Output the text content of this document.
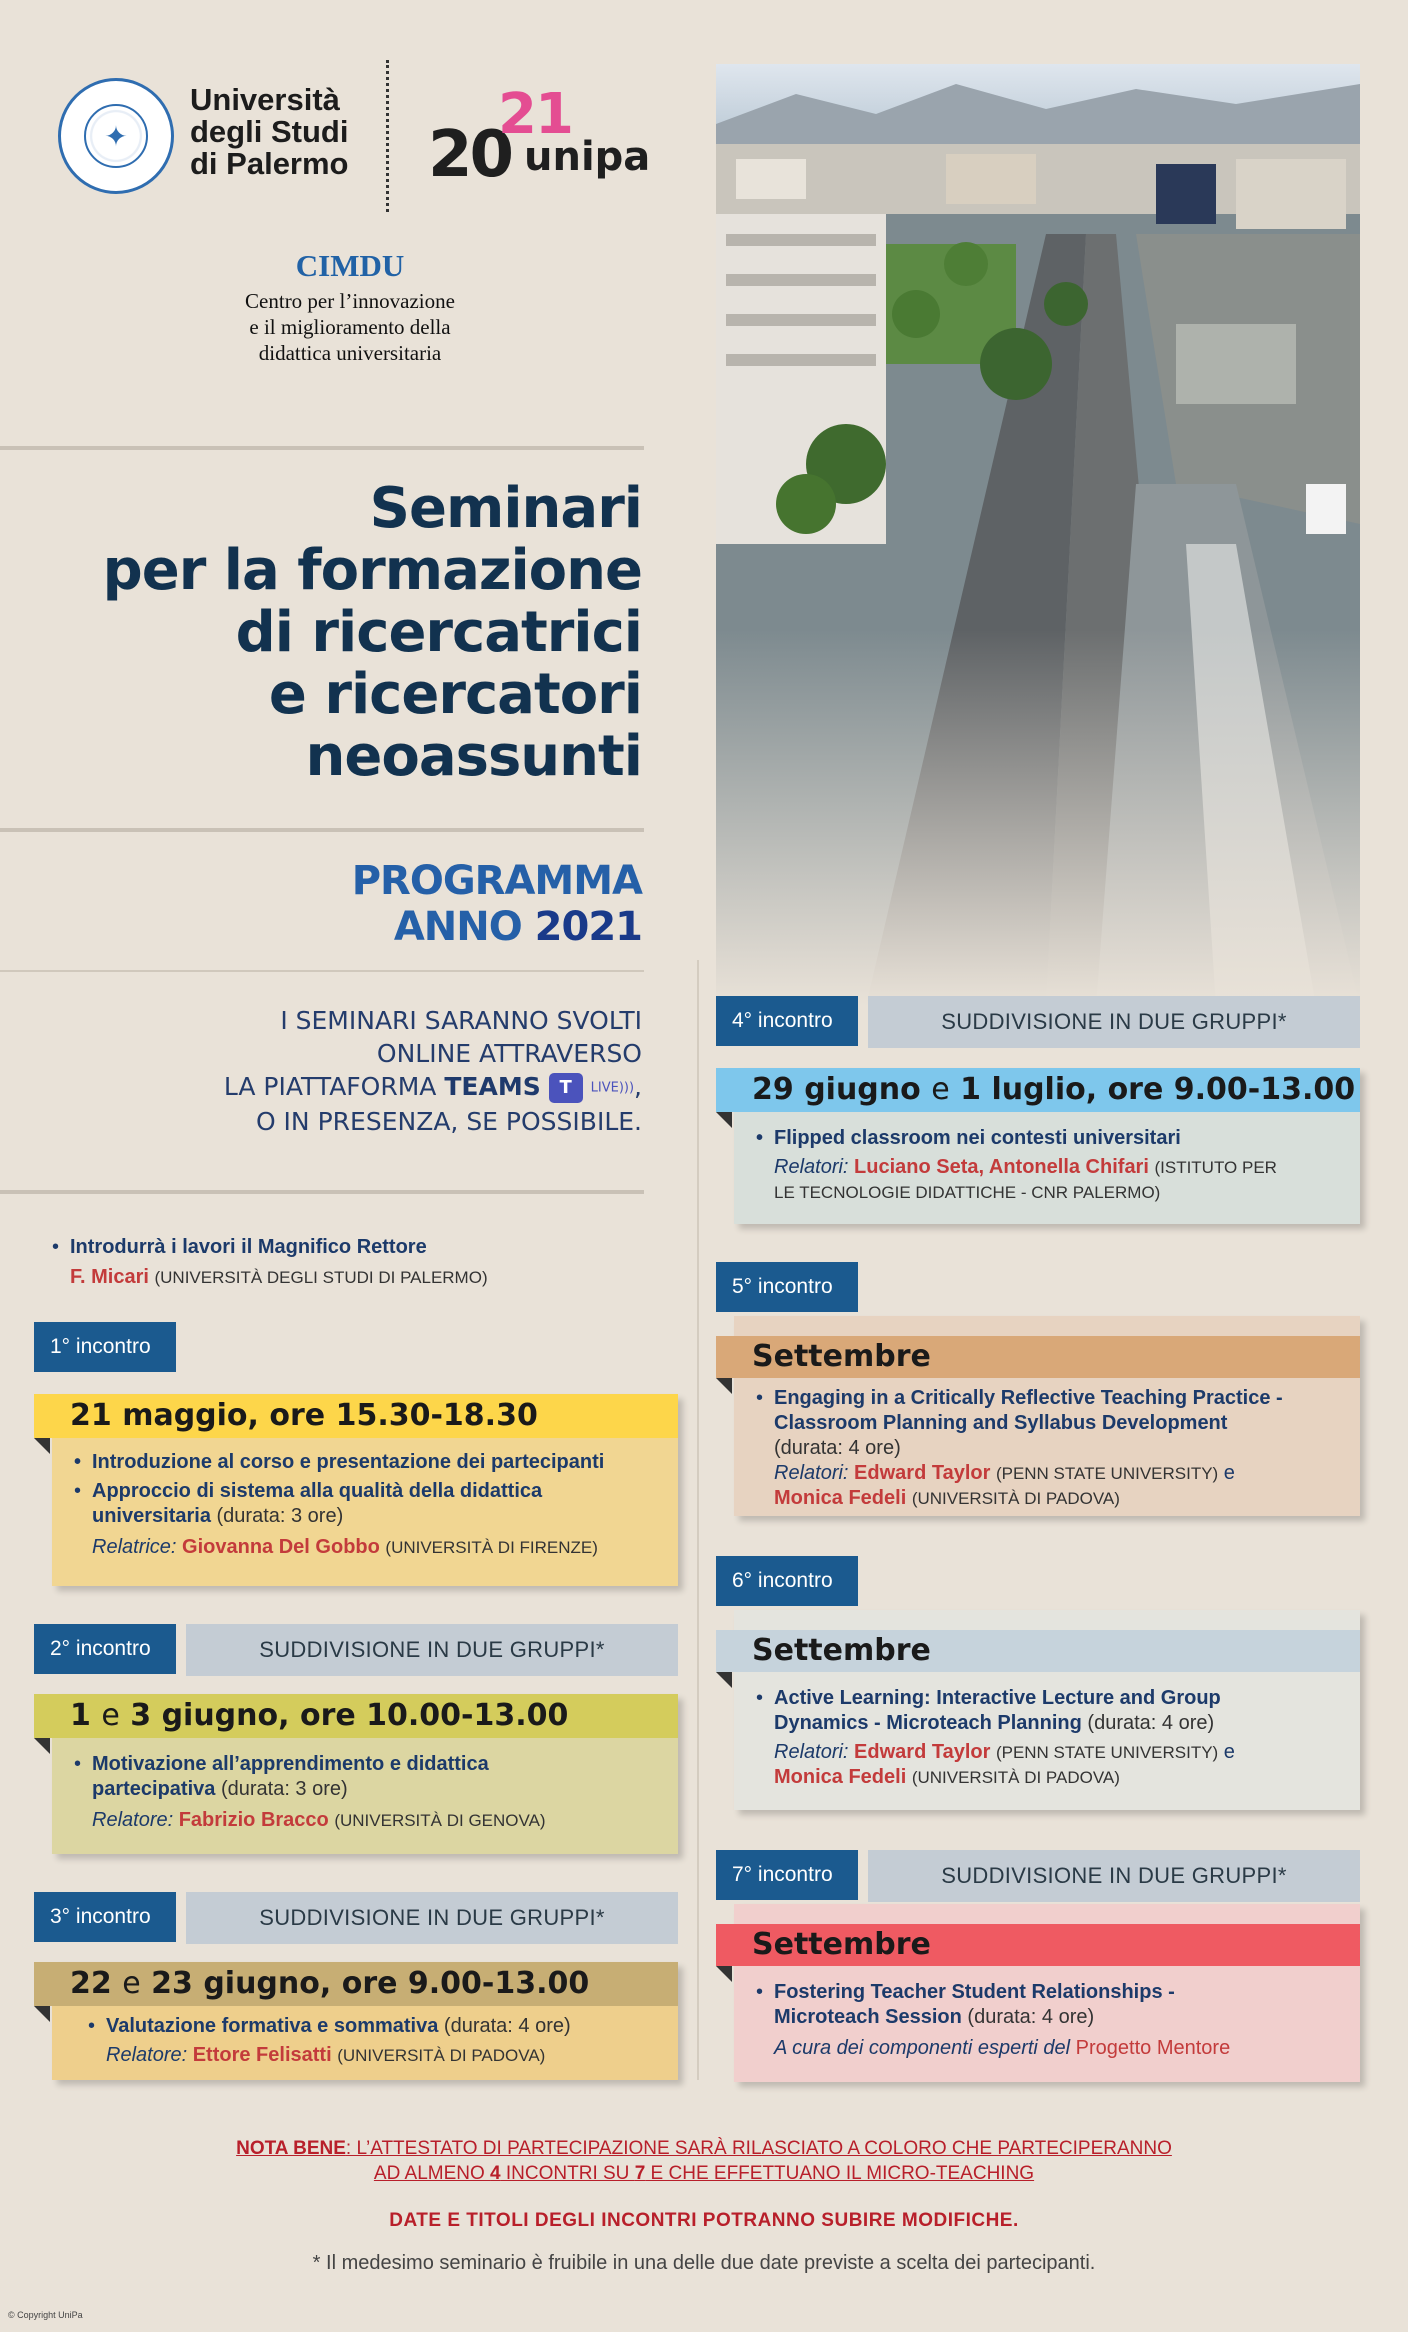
✦
Università
degli Studi
di Palermo 20
21
unipa
CIMDU
Centro per l’innovazione
e il miglioramento della
didattica universitaria
Seminari
per la formazione
di ricercatrici
e ricercatori
neoassunti
PROGRAMMA
ANNO 2021
I SEMINARI SARANNO SVOLTI
ONLINE ATTRAVERSO
LA PIATTAFORMA TEAMS T LIVE))),
O IN PRESENZA, SE POSSIBILE.
• Introdurrà i lavori il Magnifico Rettore
F. Micari (UNIVERSITÀ DEGLI STUDI DI PALERMO)
1° incontro
21 maggio, ore 15.30-18.30
• Introduzione al corso e presentazione dei partecipanti
• Approccio di sistema alla qualità della didattica
universitaria (durata: 3 ore)
Relatrice: Giovanna Del Gobbo (UNIVERSITÀ DI FIRENZE)
2° incontro	SUDDIVISIONE IN DUE GRUPPI*
1 e 3 giugno, ore 10.00-13.00
• Motivazione all’apprendimento e didattica
partecipativa (durata: 3 ore)
Relatore: Fabrizio Bracco (UNIVERSITÀ DI GENOVA)
3° incontro	SUDDIVISIONE IN DUE GRUPPI*
22 e 23 giugno, ore 9.00-13.00
• Valutazione formativa e sommativa (durata: 4 ore)
Relatore: Ettore Felisatti (UNIVERSITÀ DI PADOVA)
4° incontro	SUDDIVISIONE IN DUE GRUPPI*
29 giugno e 1 luglio, ore 9.00-13.00
• Flipped classroom nei contesti universitari
Relatori: Luciano Seta, Antonella Chifari (ISTITUTO PER
LE TECNOLOGIE DIDATTICHE - CNR PALERMO)
5° incontro
Settembre
• Engaging in a Critically Reflective Teaching Practice -
Classroom Planning and Syllabus Development
(durata: 4 ore)
Relatori: Edward Taylor (PENN STATE UNIVERSITY) e
Monica Fedeli (UNIVERSITÀ DI PADOVA)
6° incontro
Settembre
• Active Learning: Interactive Lecture and Group
Dynamics - Microteach Planning (durata: 4 ore)
Relatori: Edward Taylor (PENN STATE UNIVERSITY) e
Monica Fedeli (UNIVERSITÀ DI PADOVA)
7° incontro	SUDDIVISIONE IN DUE GRUPPI*
Settembre
• Fostering Teacher Student Relationships -
Microteach Session (durata: 4 ore)
A cura dei componenti esperti del Progetto Mentore
NOTA BENE: L’ATTESTATO DI PARTECIPAZIONE SARÀ RILASCIATO A COLORO CHE PARTECIPERANNO
AD ALMENO 4 INCONTRI SU 7 E CHE EFFETTUANO IL MICRO-TEACHING
DATE E TITOLI DEGLI INCONTRI POTRANNO SUBIRE MODIFICHE.
* Il medesimo seminario è fruibile in una delle due date previste a scelta dei partecipanti.
© Copyright UniPa
